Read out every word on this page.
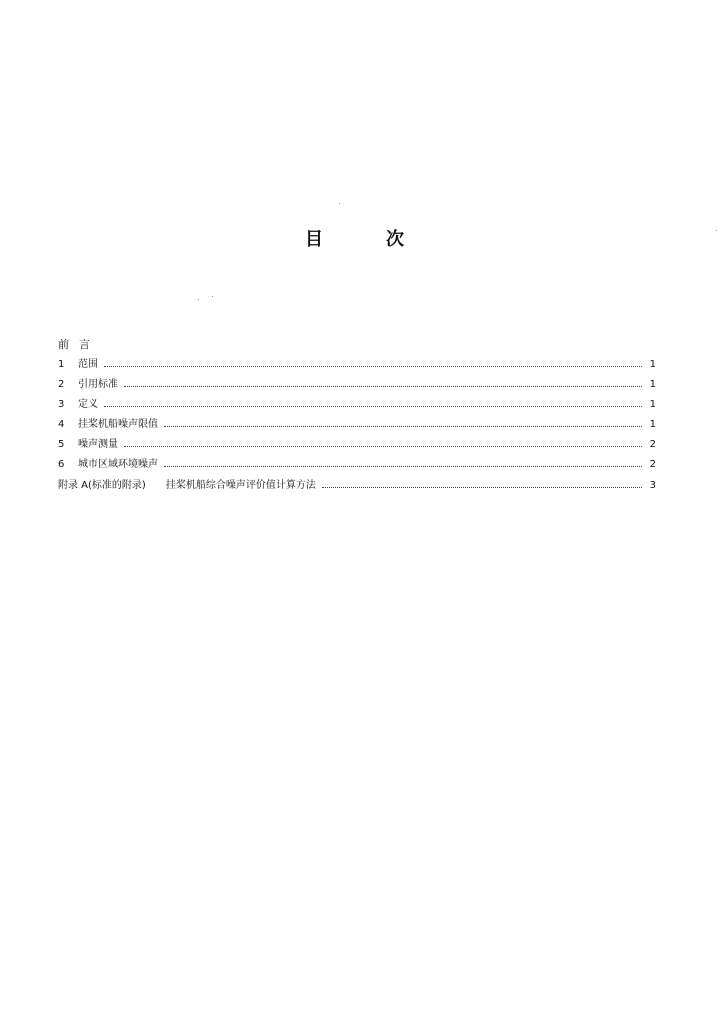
目	次
前 言
1	范围	1
2	引用标准	1
3	定义	1
4	挂桨机船噪声限值	1
5	噪声测量	2
6	城市区域环境噪声	2
附录 A(标准的附录) 挂桨机船综合噪声评价值计算方法	3
